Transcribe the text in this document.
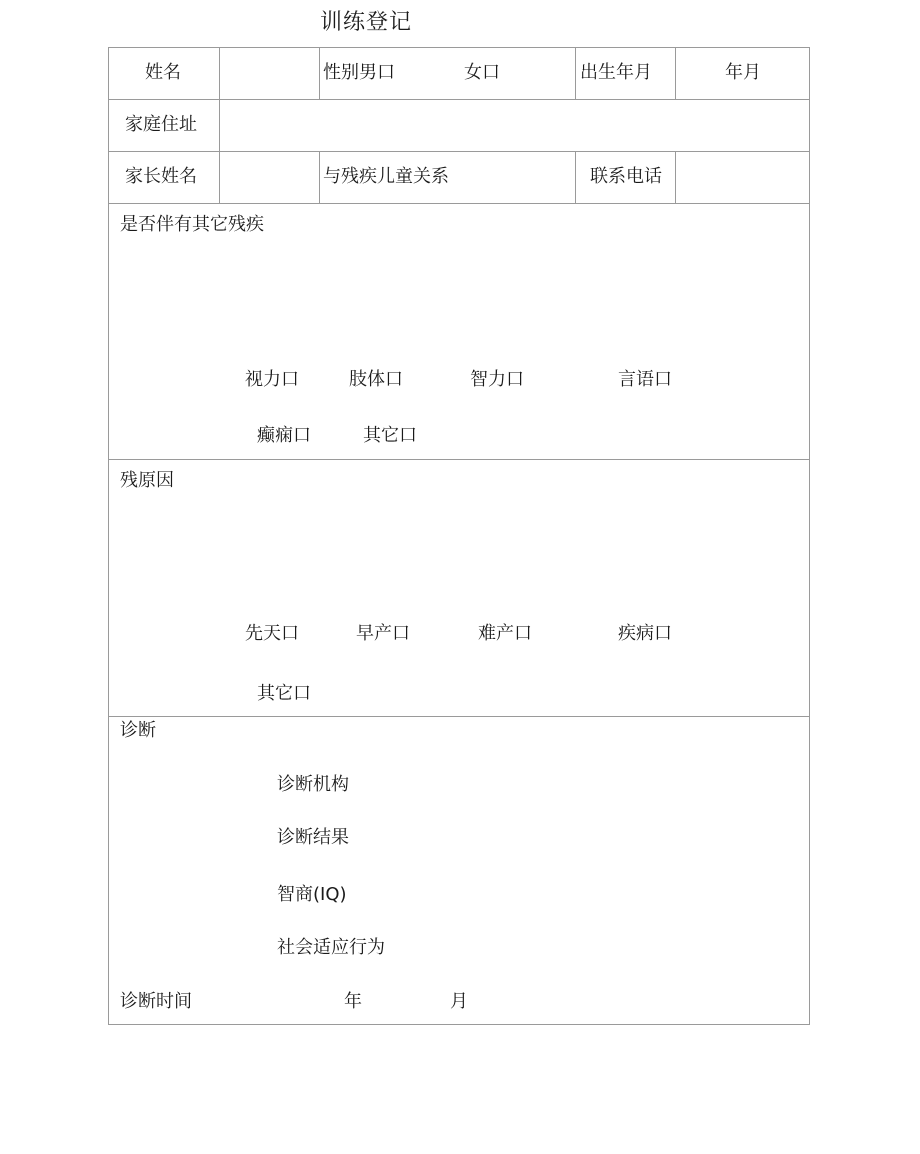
训练登记
姓名	性别男口	女口	出生年月	年月
家庭住址
家长姓名	与残疾儿童关系	联系电话
是否伴有其它残疾
视力口	肢体口	智力口	言语口
癫痫口	其它口
残原因
先天口	早产口	难产口	疾病口
其它口
诊断
诊断机构
诊断结果
智商(IQ)
社会适应行为
诊断时间	年	月
